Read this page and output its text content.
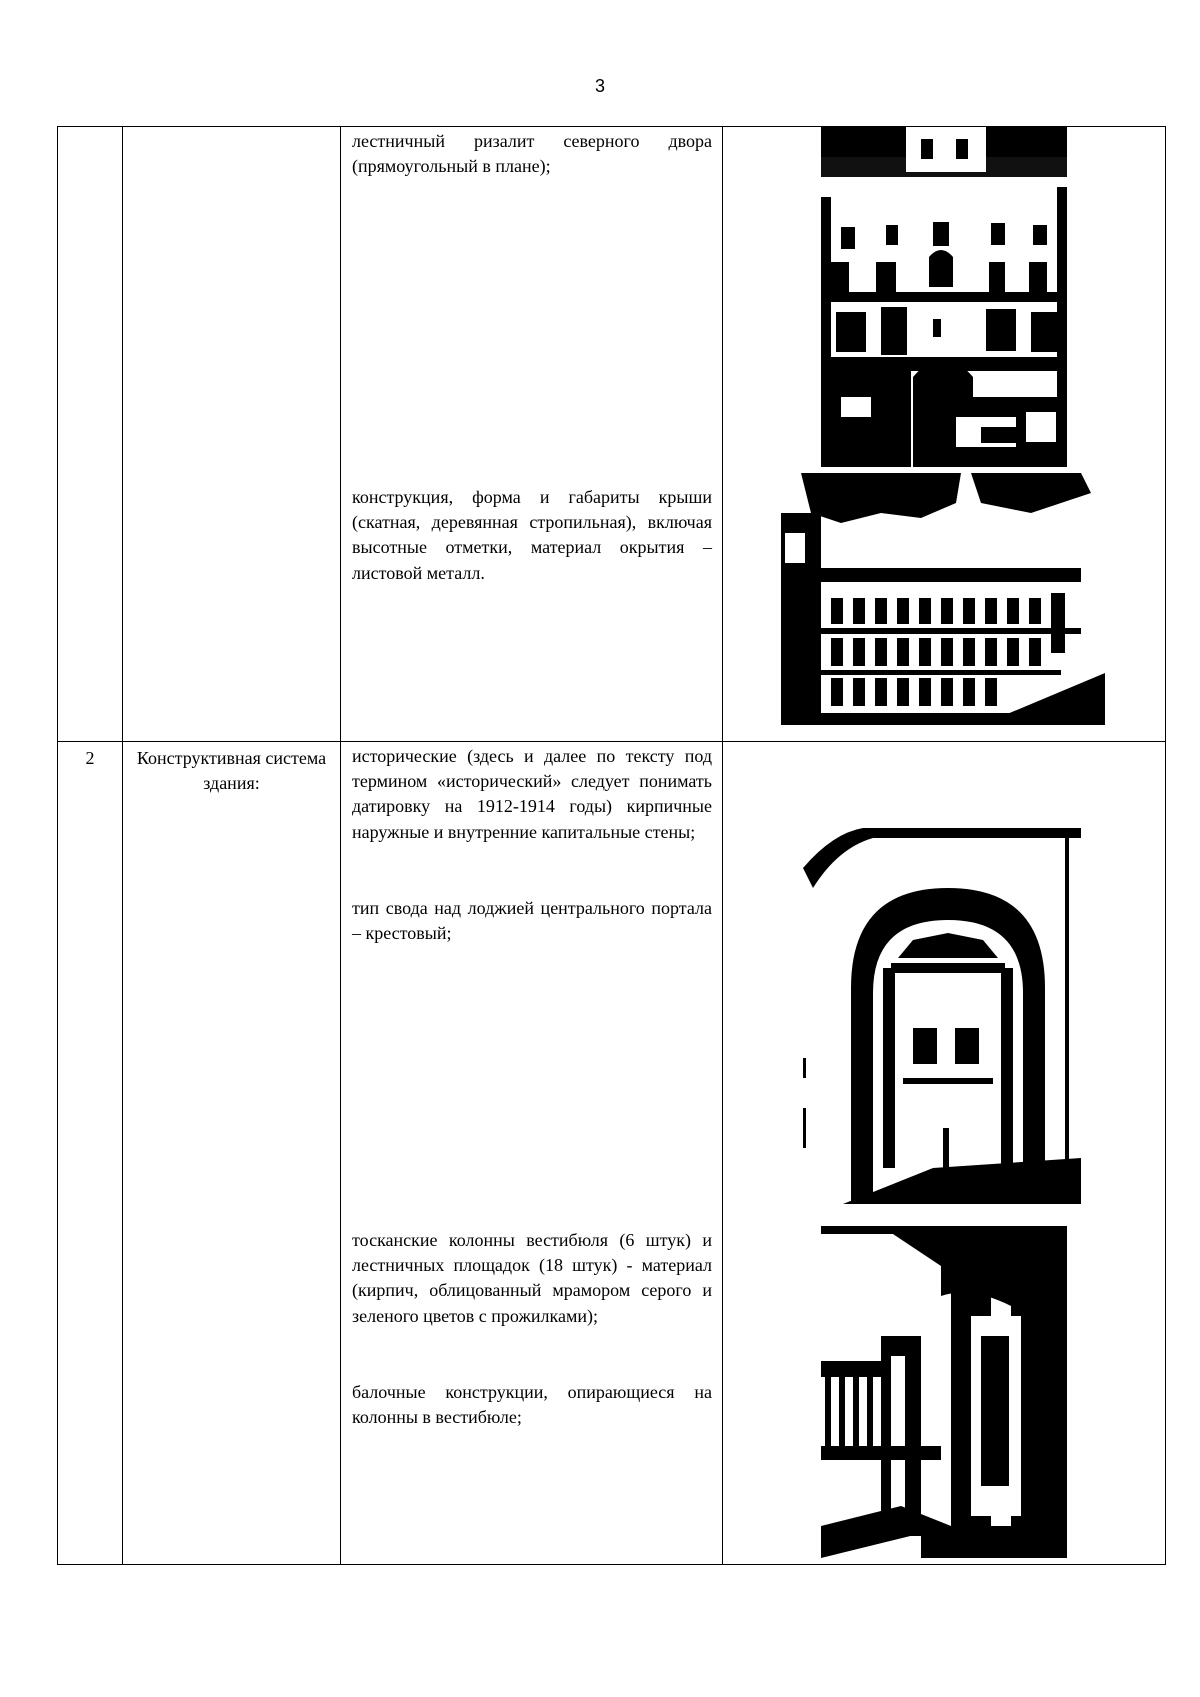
3

		лестничный ризалит северного двора (прямоугольный в плане);

конструкция, форма и габариты крыши (скатная, деревянная стропильная), включая высотные отметки, материал окрытия – листовой металл.

2	Конструктивная система здания:	исторические (здесь и далее по тексту под термином «исторический» следует понимать датировку на 1912-1914 годы) кирпичные наружные и внутренние капитальные стены;

тип свода над лоджией центрального портала – крестовый;

тосканские колонны вестибюля (6 штук) и лестничных площадок (18 штук) - материал (кирпич, облицованный мрамором серого и зеленого цветов с прожилками);

балочные конструкции, опирающиеся на колонны в вестибюле;
